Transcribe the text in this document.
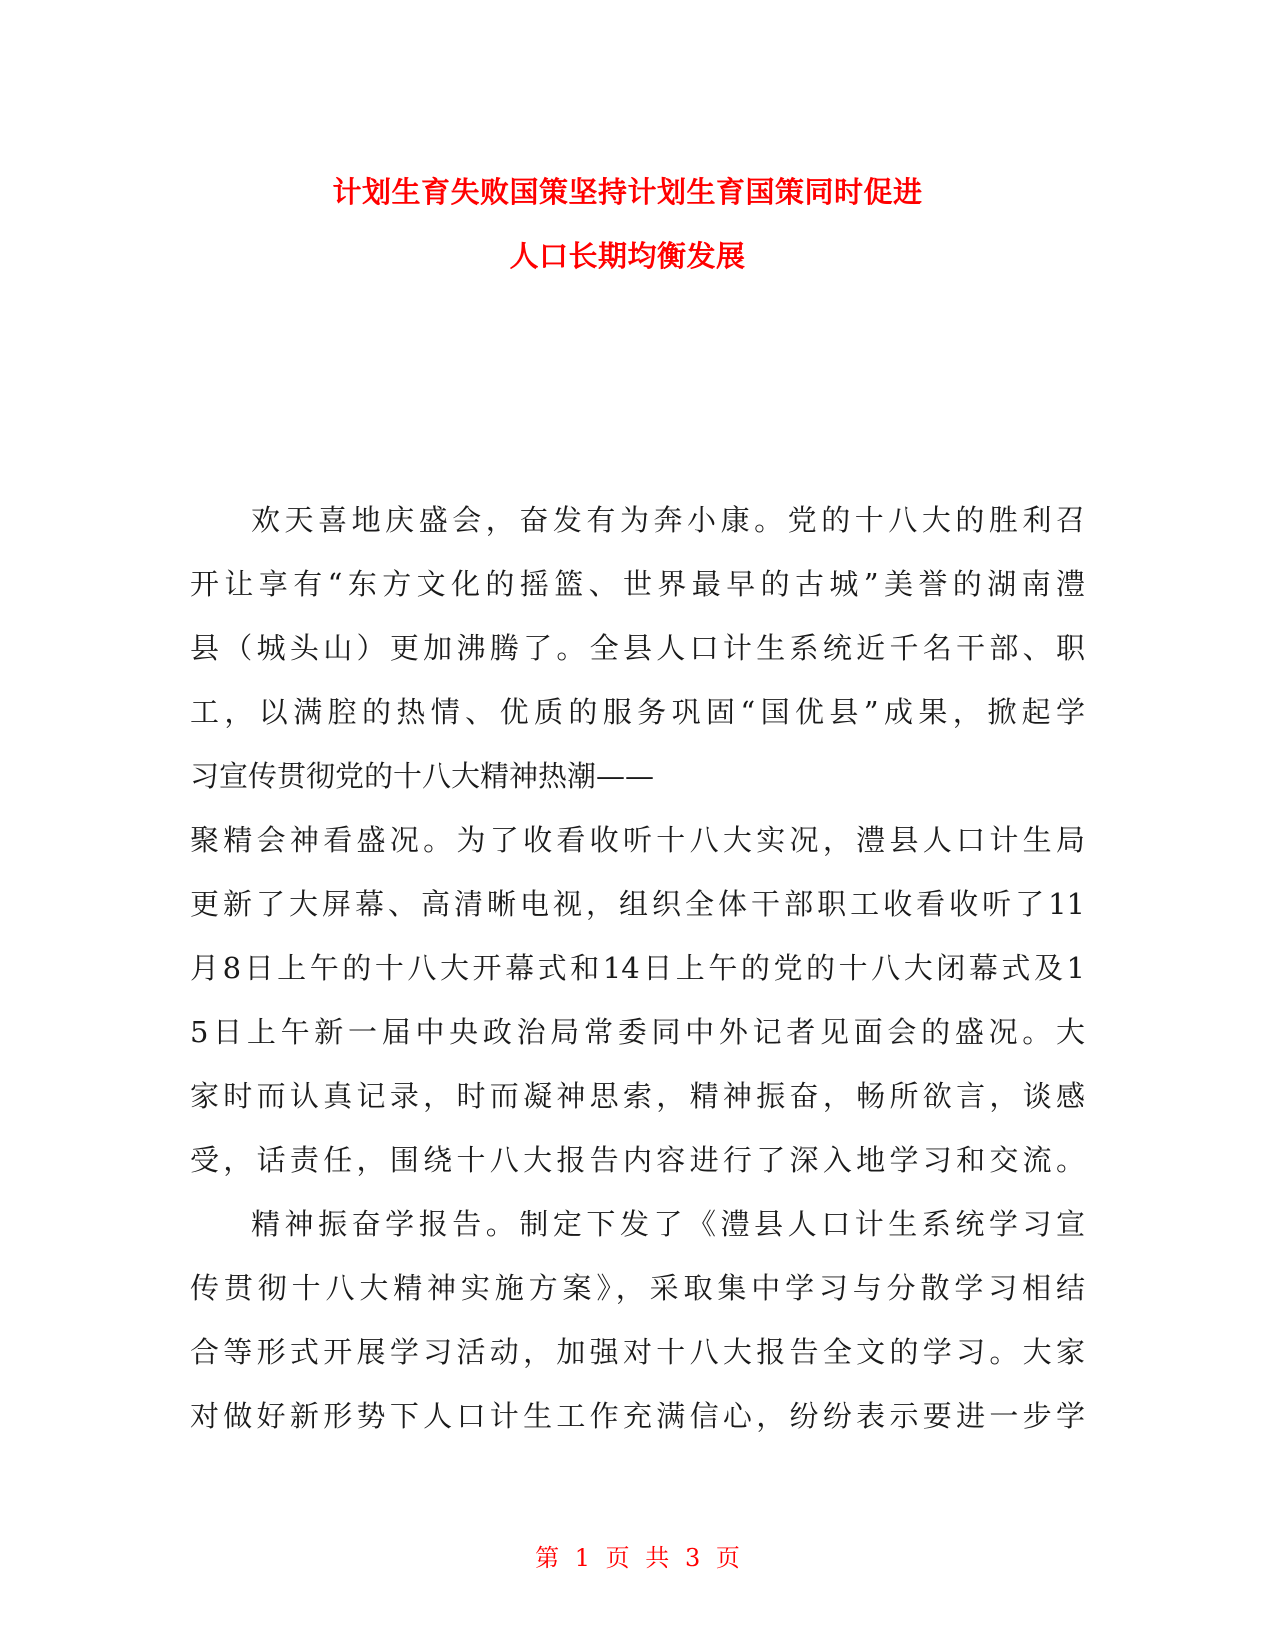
计划生育失败国策坚持计划生育国策同时促进
人口长期均衡发展
欢天喜地庆盛会，奋发有为奔小康。党的十八大的胜利召
开让享有“东方文化的摇篮、世界最早的古城”美誉的湖南澧
县（城头山）更加沸腾了。全县人口计生系统近千名干部、职
工，以满腔的热情、优质的服务巩固“国优县”成果，掀起学
习宣传贯彻党的十八大精神热潮——
聚精会神看盛况。为了收看收听十八大实况，澧县人口计生局
更新了大屏幕、高清晰电视，组织全体干部职工收看收听了11
月8日上午的十八大开幕式和14日上午的党的十八大闭幕式及1
5日上午新一届中央政治局常委同中外记者见面会的盛况。大
家时而认真记录，时而凝神思索，精神振奋，畅所欲言，谈感
受，话责任，围绕十八大报告内容进行了深入地学习和交流。
精神振奋学报告。制定下发了《澧县人口计生系统学习宣
传贯彻十八大精神实施方案》，采取集中学习与分散学习相结
合等形式开展学习活动，加强对十八大报告全文的学习。大家
对做好新形势下人口计生工作充满信心，纷纷表示要进一步学
第 1 页 共 3 页
